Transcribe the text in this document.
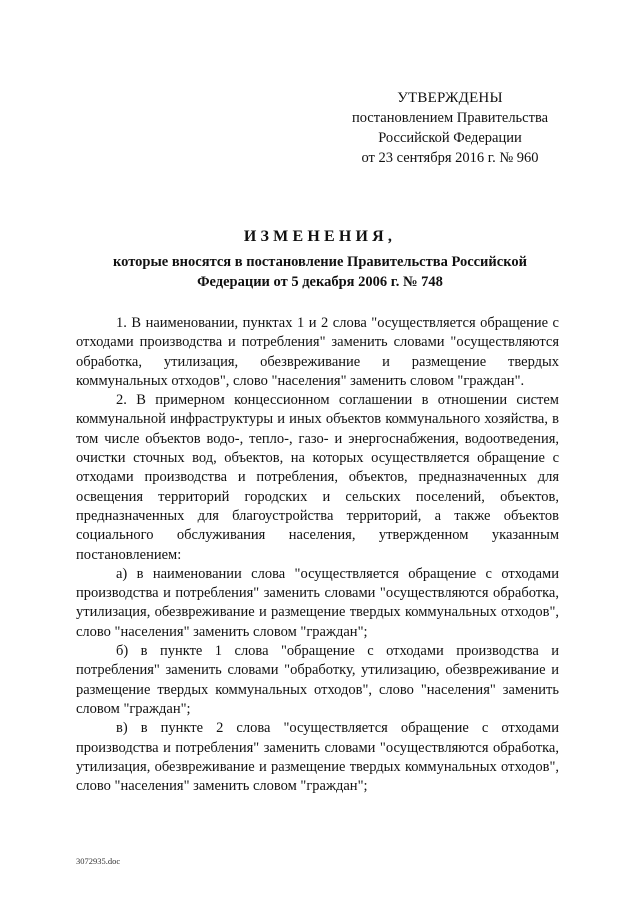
УТВЕРЖДЕНЫ
постановлением Правительства
Российской Федерации
от 23 сентября 2016 г. № 960
ИЗМЕНЕНИЯ,
которые вносятся в постановление Правительства Российской
Федерации от 5 декабря 2006 г. № 748

1. В наименовании, пунктах 1 и 2 слова "осуществляется обращение с отходами производства и потребления" заменить словами "осуществляются обработка, утилизация, обезвреживание и размещение твердых коммунальных отходов", слово "населения" заменить словом "граждан".

2. В примерном концессионном соглашении в отношении систем коммунальной инфраструктуры и иных объектов коммунального хозяйства, в том числе объектов водо-, тепло-, газо- и энергоснабжения, водоотведения, очистки сточных вод, объектов, на которых осуществляется обращение с отходами производства и потребления, объектов, предназначенных для освещения территорий городских и сельских поселений, объектов, предназначенных для благоустройства территорий, а также объектов социального обслуживания населения, утвержденном указанным постановлением:

а) в наименовании слова "осуществляется обращение с отходами производства и потребления" заменить словами "осуществляются обработка, утилизация, обезвреживание и размещение твердых коммунальных отходов", слово "населения" заменить словом "граждан";

б) в пункте 1 слова "обращение с отходами производства и потребления" заменить словами "обработку, утилизацию, обезвреживание и размещение твердых коммунальных отходов", слово "населения" заменить словом "граждан";

в) в пункте 2 слова "осуществляется обращение с отходами производства и потребления" заменить словами "осуществляются обработка, утилизация, обезвреживание и размещение твердых коммунальных отходов", слово "населения" заменить словом "граждан";

3072935.doc
